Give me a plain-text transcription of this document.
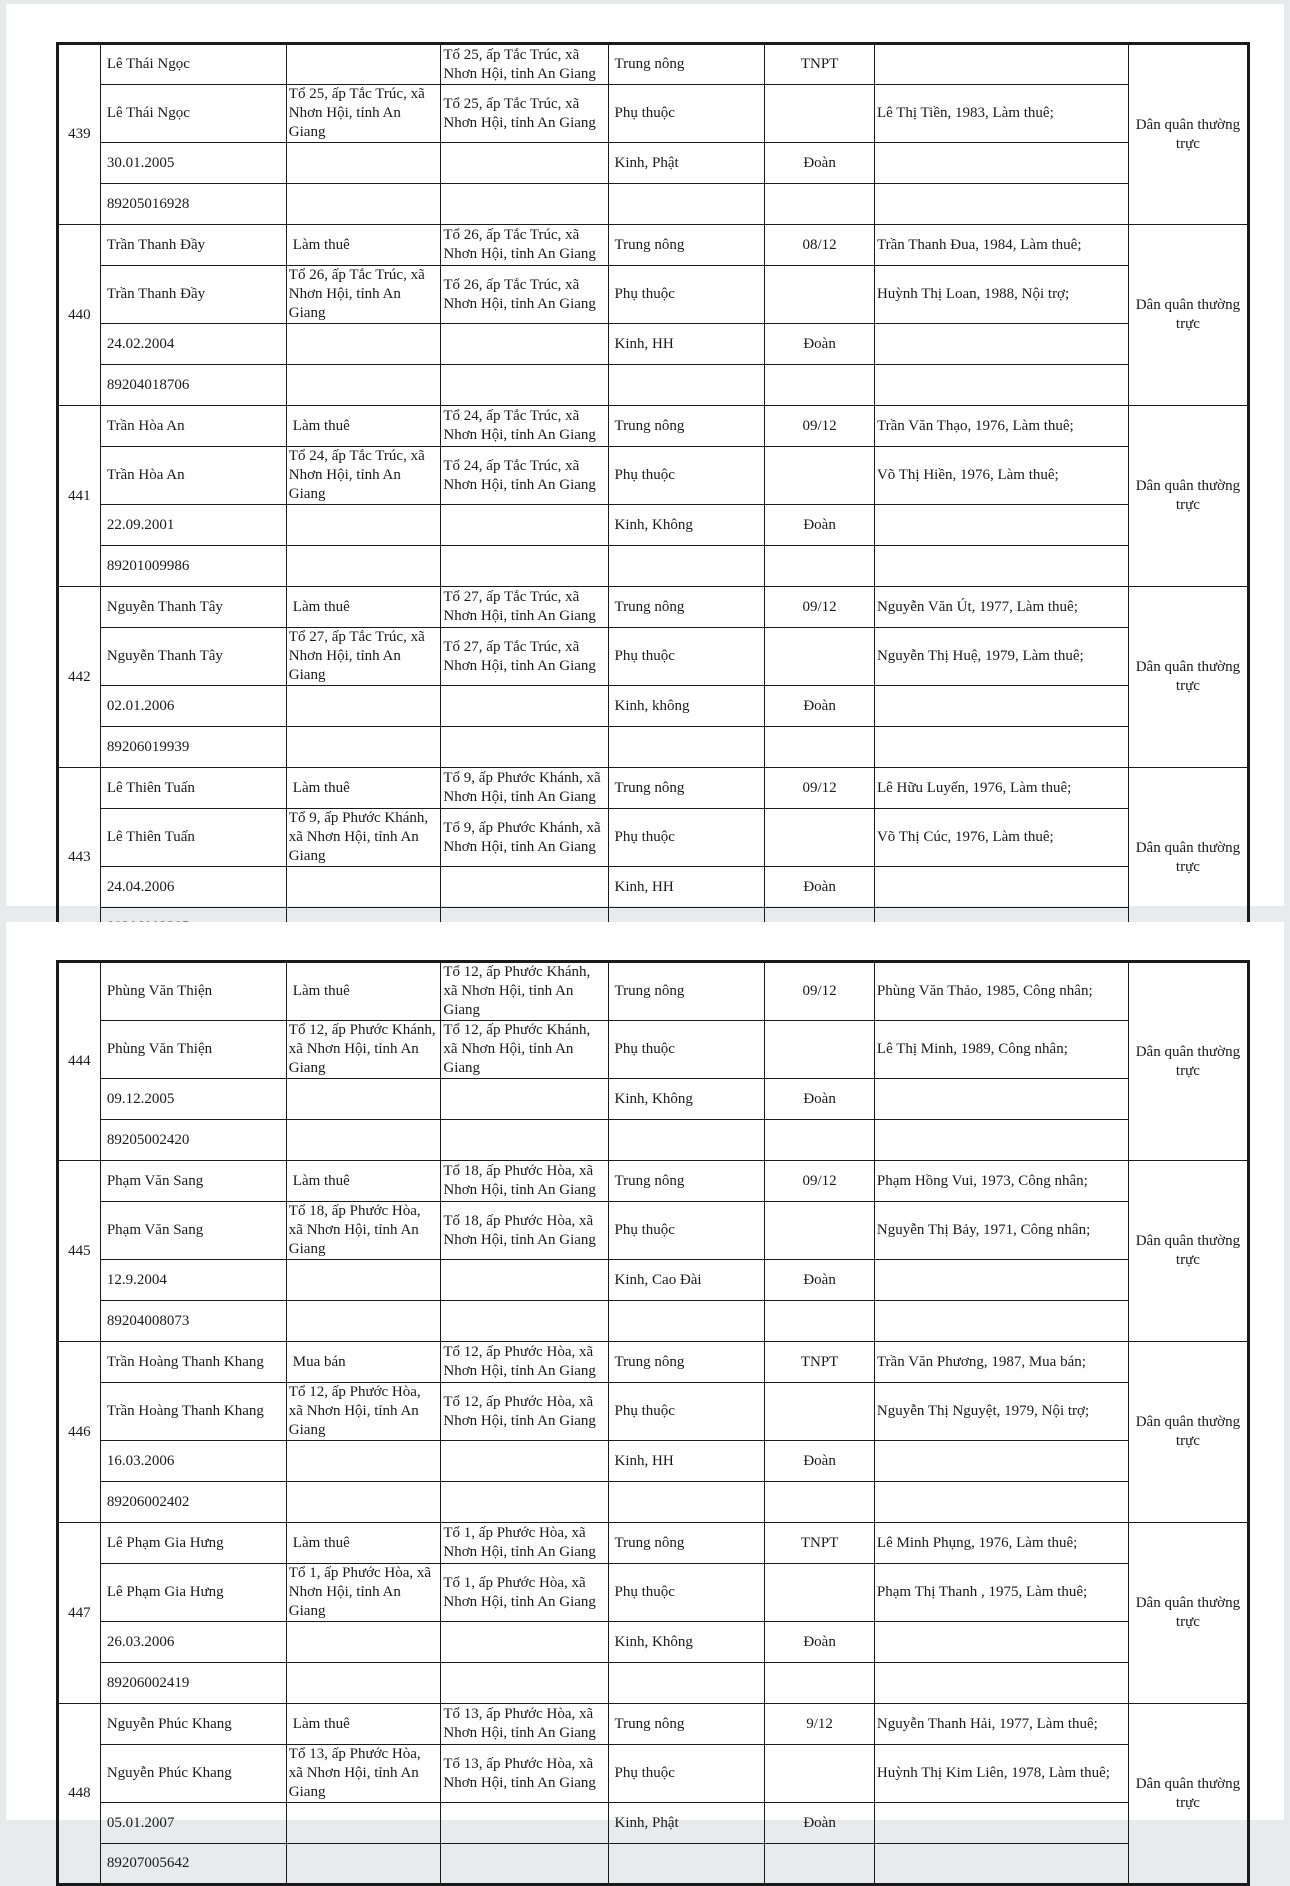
439	Lê Thái Ngọc		Tổ 25, ấp Tắc Trúc, xã Nhơn Hội, tỉnh An Giang	Trung nông	TNPT		Dân quân thường trực
	Lê Thái Ngọc	Tổ 25, ấp Tắc Trúc, xã Nhơn Hội, tỉnh An Giang	Tổ 25, ấp Tắc Trúc, xã Nhơn Hội, tỉnh An Giang	Phụ thuộc		Lê Thị Tiền, 1983, Làm thuê;	
	30.01.2005			Kinh, Phật	Đoàn		
	89205016928						
440	Trần Thanh Đầy	Làm thuê	Tổ 26, ấp Tắc Trúc, xã Nhơn Hội, tỉnh An Giang	Trung nông	08/12	Trần Thanh Đua, 1984, Làm thuê;	Dân quân thường trực
	Trần Thanh Đầy	Tổ 26, ấp Tắc Trúc, xã Nhơn Hội, tỉnh An Giang	Tổ 26, ấp Tắc Trúc, xã Nhơn Hội, tỉnh An Giang	Phụ thuộc		Huỳnh Thị Loan, 1988, Nội trợ;	
	24.02.2004			Kinh, HH	Đoàn		
	89204018706						
441	Trần Hòa An	Làm thuê	Tổ 24, ấp Tắc Trúc, xã Nhơn Hội, tỉnh An Giang	Trung nông	09/12	Trần Văn Thạo, 1976, Làm thuê;	Dân quân thường trực
	Trần Hòa An	Tổ 24, ấp Tắc Trúc, xã Nhơn Hội, tỉnh An Giang	Tổ 24, ấp Tắc Trúc, xã Nhơn Hội, tỉnh An Giang	Phụ thuộc		Võ Thị Hiền, 1976, Làm thuê;	
	22.09.2001			Kinh, Không	Đoàn		
	89201009986						
442	Nguyễn Thanh Tây	Làm thuê	Tổ 27, ấp Tắc Trúc, xã Nhơn Hội, tỉnh An Giang	Trung nông	09/12	Nguyễn Văn Út, 1977, Làm thuê;	Dân quân thường trực
	Nguyễn Thanh Tây	Tổ 27, ấp Tắc Trúc, xã Nhơn Hội, tỉnh An Giang	Tổ 27, ấp Tắc Trúc, xã Nhơn Hội, tỉnh An Giang	Phụ thuộc		Nguyễn Thị Huệ, 1979, Làm thuê;	
	02.01.2006			Kinh, không	Đoàn		
	89206019939						
443	Lê Thiên Tuấn	Làm thuê	Tổ 9, ấp Phước Khánh, xã Nhơn Hội, tỉnh An Giang	Trung nông	09/12	Lê Hữu Luyến, 1976, Làm thuê;	Dân quân thường trực
	Lê Thiên Tuấn	Tổ 9, ấp Phước Khánh, xã Nhơn Hội, tỉnh An Giang	Tổ 9, ấp Phước Khánh, xã Nhơn Hội, tỉnh An Giang	Phụ thuộc		Võ Thị Cúc, 1976, Làm thuê;	
	24.04.2006			Kinh, HH	Đoàn		

444	Phùng Văn Thiện	Làm thuê	Tổ 12, ấp Phước Khánh, xã Nhơn Hội, tỉnh An Giang	Trung nông	09/12	Phùng Văn Thảo, 1985, Công nhân;	Dân quân thường trực
	Phùng Văn Thiện	Tổ 12, ấp Phước Khánh, xã Nhơn Hội, tỉnh An Giang	Tổ 12, ấp Phước Khánh, xã Nhơn Hội, tỉnh An Giang	Phụ thuộc		Lê Thị Minh, 1989, Công nhân;	
	09.12.2005			Kinh, Không	Đoàn		
	89205002420						
445	Phạm Văn Sang	Làm thuê	Tổ 18, ấp Phước Hòa, xã Nhơn Hội, tỉnh An Giang	Trung nông	09/12	Phạm Hồng Vui, 1973, Công nhân;	Dân quân thường trực
	Phạm Văn Sang	Tổ 18, ấp Phước Hòa, xã Nhơn Hội, tỉnh An Giang	Tổ 18, ấp Phước Hòa, xã Nhơn Hội, tỉnh An Giang	Phụ thuộc		Nguyễn Thị Bảy, 1971, Công nhân;	
	12.9.2004			Kinh, Cao Đài	Đoàn		
	89204008073						
446	Trần Hoàng Thanh Khang	Mua bán	Tổ 12, ấp Phước Hòa, xã Nhơn Hội, tỉnh An Giang	Trung nông	TNPT	Trần Văn Phương, 1987, Mua bán;	Dân quân thường trực
	Trần Hoàng Thanh Khang	Tổ 12, ấp Phước Hòa, xã Nhơn Hội, tỉnh An Giang	Tổ 12, ấp Phước Hòa, xã Nhơn Hội, tỉnh An Giang	Phụ thuộc		Nguyễn Thị Nguyệt, 1979, Nội trợ;	
	16.03.2006			Kinh, HH	Đoàn		
	89206002402						
447	Lê Phạm Gia Hưng	Làm thuê	Tổ 1, ấp Phước Hòa, xã Nhơn Hội, tỉnh An Giang	Trung nông	TNPT	Lê Minh Phụng, 1976, Làm thuê;	Dân quân thường trực
	Lê Phạm Gia Hưng	Tổ 1, ấp Phước Hòa, xã Nhơn Hội, tỉnh An Giang	Tổ 1, ấp Phước Hòa, xã Nhơn Hội, tỉnh An Giang	Phụ thuộc		Phạm Thị Thanh , 1975, Làm thuê;	
	26.03.2006			Kinh, Không	Đoàn		
	89206002419						
448	Nguyễn Phúc Khang	Làm thuê	Tổ 13, ấp Phước Hòa, xã Nhơn Hội, tỉnh An Giang	Trung nông	9/12	Nguyễn Thanh Hải, 1977, Làm thuê;	Dân quân thường trực
	Nguyễn Phúc Khang	Tổ 13, ấp Phước Hòa, xã Nhơn Hội, tỉnh An Giang	Tổ 13, ấp Phước Hòa, xã Nhơn Hội, tỉnh An Giang	Phụ thuộc		Huỳnh Thị Kim Liên, 1978, Làm thuê;	
	05.01.2007			Kinh, Phật	Đoàn		
	89207005642						
